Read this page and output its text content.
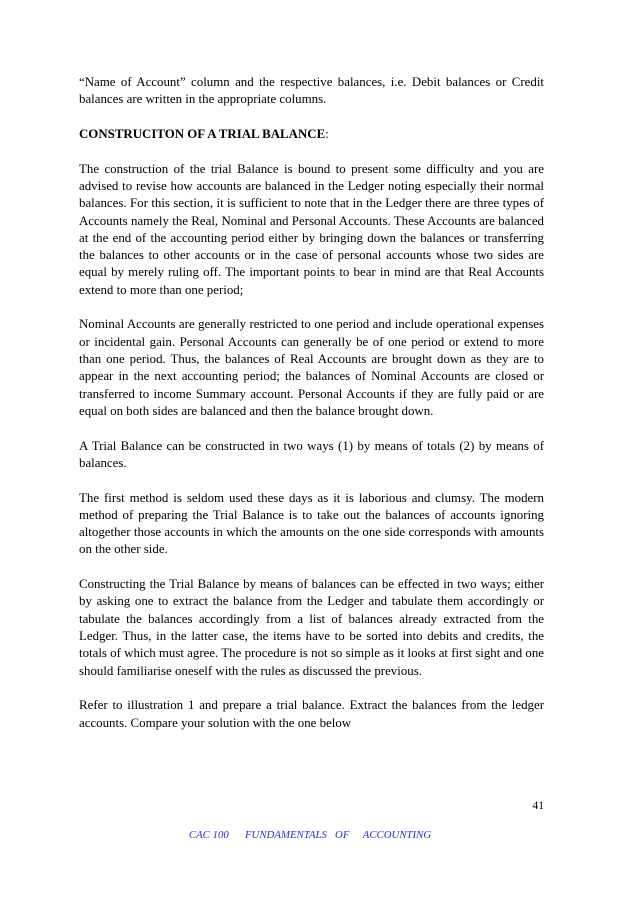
“Name of Account” column and the respective balances, i.e. Debit balances or Credit balances are written in the appropriate columns.

CONSTRUCITON OF A TRIAL BALANCE:

The construction of the trial Balance is bound to present some difficulty and you are advised to revise how accounts are balanced in the Ledger noting especially their normal balances. For this section, it is sufficient to note that in the Ledger there are three types of Accounts namely the Real, Nominal and Personal Accounts. These Accounts are balanced at the end of the accounting period either by bringing down the balances or transferring the balances to other accounts or in the case of personal accounts whose two sides are equal by merely ruling off. The important points to bear in mind are that Real Accounts extend to more than one period;

Nominal Accounts are generally restricted to one period and include operational expenses or incidental gain. Personal Accounts can generally be of one period or extend to more than one period. Thus, the balances of Real Accounts are brought down as they are to appear in the next accounting period; the balances of Nominal Accounts are closed or transferred to income Summary account. Personal Accounts if they are fully paid or are equal on both sides are balanced and then the balance brought down.

A Trial Balance can be constructed in two ways (1) by means of totals (2) by means of balances.

The first method is seldom used these days as it is laborious and clumsy. The modern method of preparing the Trial Balance is to take out the balances of accounts ignoring altogether those accounts in which the amounts on the one side corresponds with amounts on the other side.

Constructing the Trial Balance by means of balances can be effected in two ways; either by asking one to extract the balance from the Ledger and tabulate them accordingly or tabulate the balances accordingly from a list of balances already extracted from the Ledger. Thus, in the latter case, the items have to be sorted into debits and credits, the totals of which must agree. The procedure is not so simple as it looks at first sight and one should familiarise oneself with the rules as discussed the previous.

Refer to illustration 1 and prepare a trial balance. Extract the balances from the ledger accounts. Compare your solution with the one below

41
CAC 100      FUNDAMENTALS   OF     ACCOUNTING
